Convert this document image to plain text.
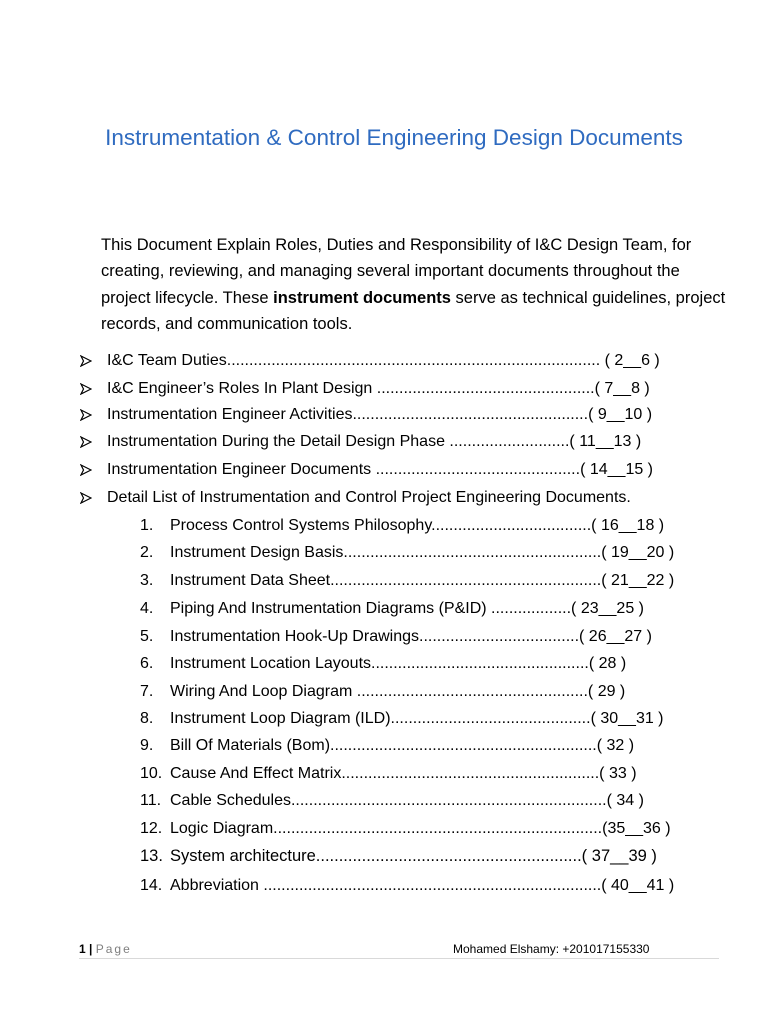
Instrumentation & Control Engineering Design Documents

This Document Explain Roles, Duties and Responsibility of I&C Design Team, for creating, reviewing, and managing several important documents throughout the project lifecycle. These instrument documents serve as technical guidelines, project records, and communication tools.

I&C Team Duties.................................................................................... ( 2__6 )
I&C Engineer’s Roles In Plant Design .................................................( 7__8 )
Instrumentation Engineer Activities.....................................................( 9__10 )
Instrumentation During the Detail Design Phase ...........................( 11__13 )
Instrumentation Engineer Documents ..............................................( 14__15 )
Detail List of Instrumentation and Control Project Engineering Documents.
1. Process Control Systems Philosophy....................................( 16__18 )
2. Instrument Design Basis..........................................................( 19__20 )
3. Instrument Data Sheet.............................................................( 21__22 )
4. Piping And Instrumentation Diagrams (P&ID) ..................( 23__25 )
5. Instrumentation Hook-Up Drawings....................................( 26__27 )
6. Instrument Location Layouts.................................................( 28 )
7. Wiring And Loop Diagram ....................................................( 29 )
8. Instrument Loop Diagram (ILD).............................................( 30__31 )
9. Bill Of Materials (Bom)............................................................( 32 )
10. Cause And Effect Matrix..........................................................( 33 )
11. Cable Schedules.......................................................................( 34 )
12. Logic Diagram..........................................................................(35__36 )
13. System architecture..........................................................( 37__39 )
14. Abbreviation ............................................................................( 40__41 )
1 | Page	Mohamed Elshamy: +201017155330
